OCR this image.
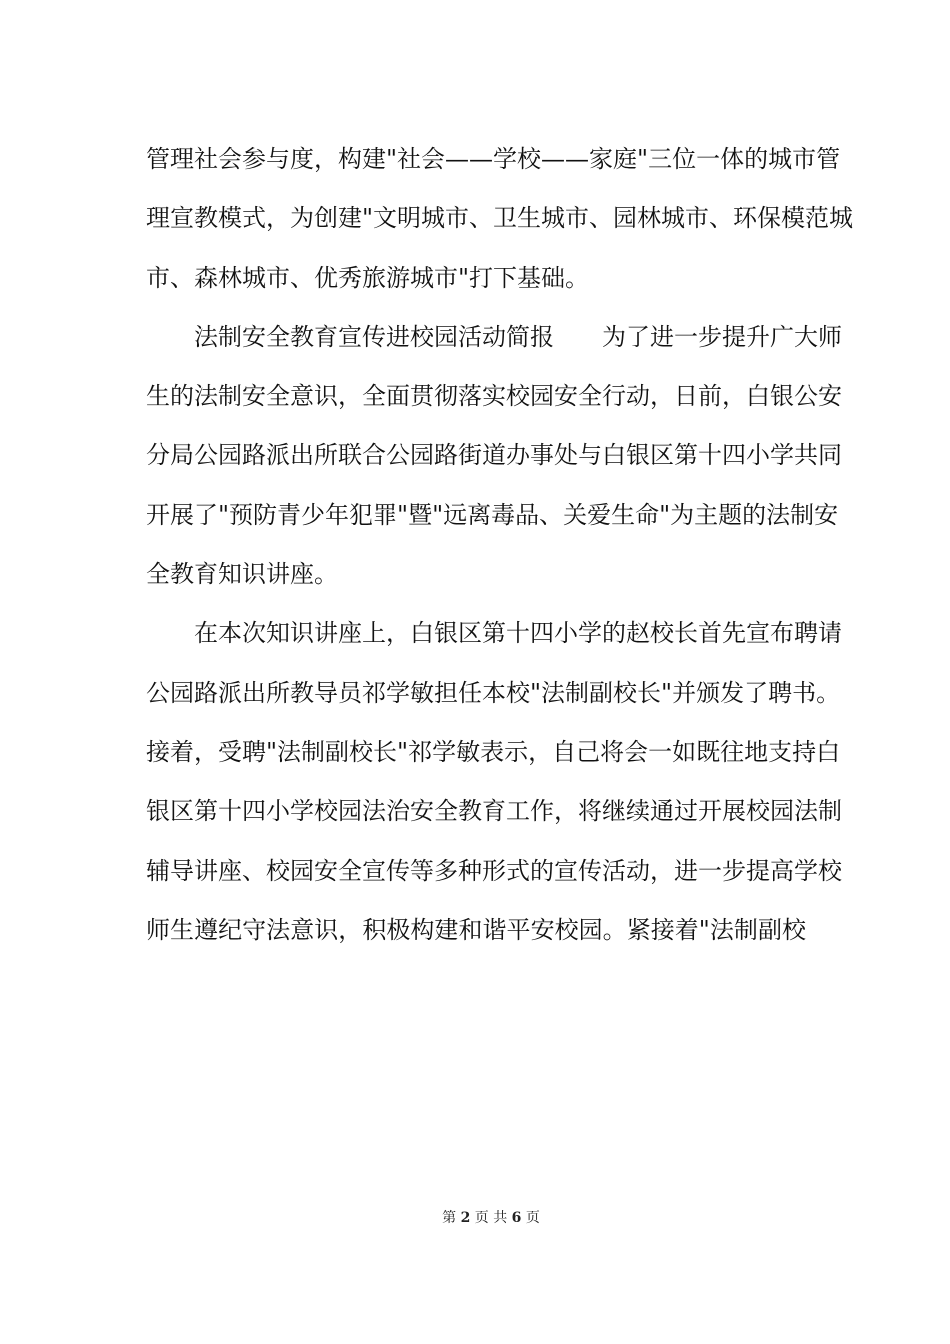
管理社会参与度，构建"社会——学校——家庭"三位一体的城市管
理宣教模式，为创建"文明城市、卫生城市、园林城市、环保模范城
市、森林城市、优秀旅游城市"打下基础。
　　法制安全教育宣传进校园活动简报　　为了进一步提升广大师
生的法制安全意识，全面贯彻落实校园安全行动，日前，白银公安
分局公园路派出所联合公园路街道办事处与白银区第十四小学共同
开展了"预防青少年犯罪"暨"远离毒品、关爱生命"为主题的法制安
全教育知识讲座。
　　在本次知识讲座上，白银区第十四小学的赵校长首先宣布聘请
公园路派出所教导员祁学敏担任本校"法制副校长"并颁发了聘书。
接着，受聘"法制副校长"祁学敏表示，自己将会一如既往地支持白
银区第十四小学校园法治安全教育工作，将继续通过开展校园法制
辅导讲座、校园安全宣传等多种形式的宣传活动，进一步提高学校
师生遵纪守法意识，积极构建和谐平安校园。紧接着"法制副校
第 2 页 共 6 页
